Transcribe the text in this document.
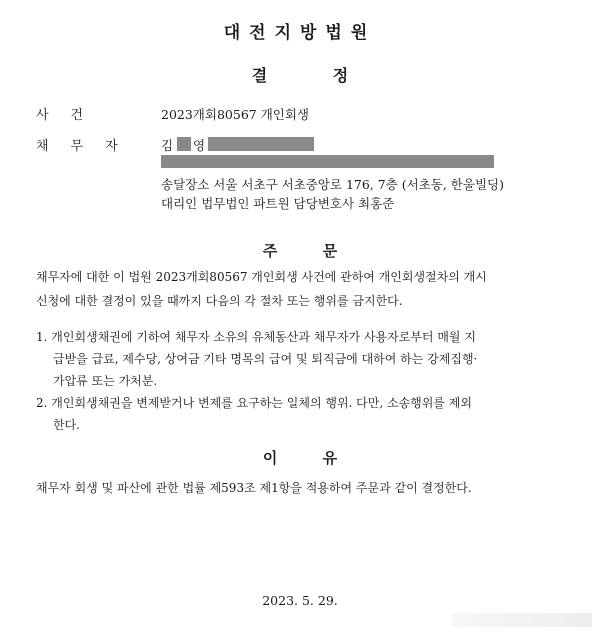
대전지방법원
결 정
사건	2023개회80567 개인회생
채무자 김 영
송달장소 서울 서초구 서초중앙로 176, 7층 (서초동, 한울빌딩)
대리인 법무법인 파트원 담당변호사 최홍준
주 문
채무자에 대한 이 법원 2023개회80567 개인회생 사건에 관하여 개인회생절차의 개시
신청에 대한 결정이 있을 때까지 다음의 각 절차 또는 행위를 금지한다.
1. 개인회생채권에 기하여 채무자 소유의 유체동산과 채무자가 사용자로부터 매월 지
급받을 급료, 제수당, 상여금 기타 명목의 급여 및 퇴직금에 대하여 하는 강제집행·
가압류 또는 가처분.
2. 개인회생채권을 변제받거나 변제를 요구하는 일체의 행위. 다만, 소송행위를 제외
한다.
이 유
채무자 회생 및 파산에 관한 법률 제593조 제1항을 적용하여 주문과 같이 결정한다.
2023. 5. 29.
